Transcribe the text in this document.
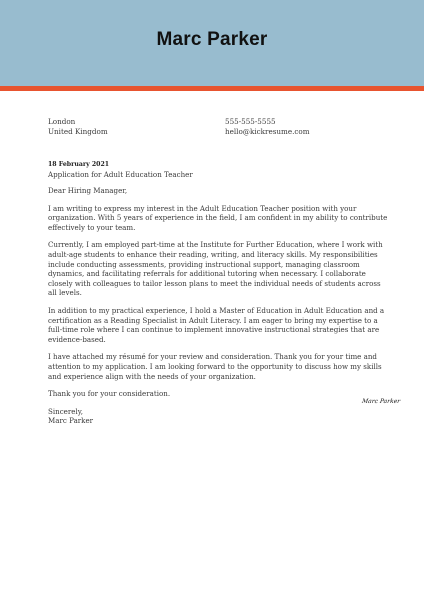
Marc Parker
London
United Kingdom
555-555-5555
hello@kickresume.com
18 February 2021
Application for Adult Education Teacher

Dear Hiring Manager,

I am writing to express my interest in the Adult Education Teacher position with your organization. With 5 years of experience in the field, I am confident in my ability to contribute effectively to your team.

Currently, I am employed part-time at the Institute for Further Education, where I work with adult-age students to enhance their reading, writing, and literacy skills. My responsibilities include conducting assessments, providing instructional support, managing classroom dynamics, and facilitating referrals for additional tutoring when necessary. I collaborate closely with colleagues to tailor lesson plans to meet the individual needs of students across all levels.

In addition to my practical experience, I hold a Master of Education in Adult Education and a certification as a Reading Specialist in Adult Literacy. I am eager to bring my expertise to a full-time role where I can continue to implement innovative instructional strategies that are evidence-based.

I have attached my résumé for your review and consideration. Thank you for your time and attention to my application. I am looking forward to the opportunity to discuss how my skills and experience align with the needs of your organization.

Thank you for your consideration.

Sincerely,
Marc Parker
Marc Parker
